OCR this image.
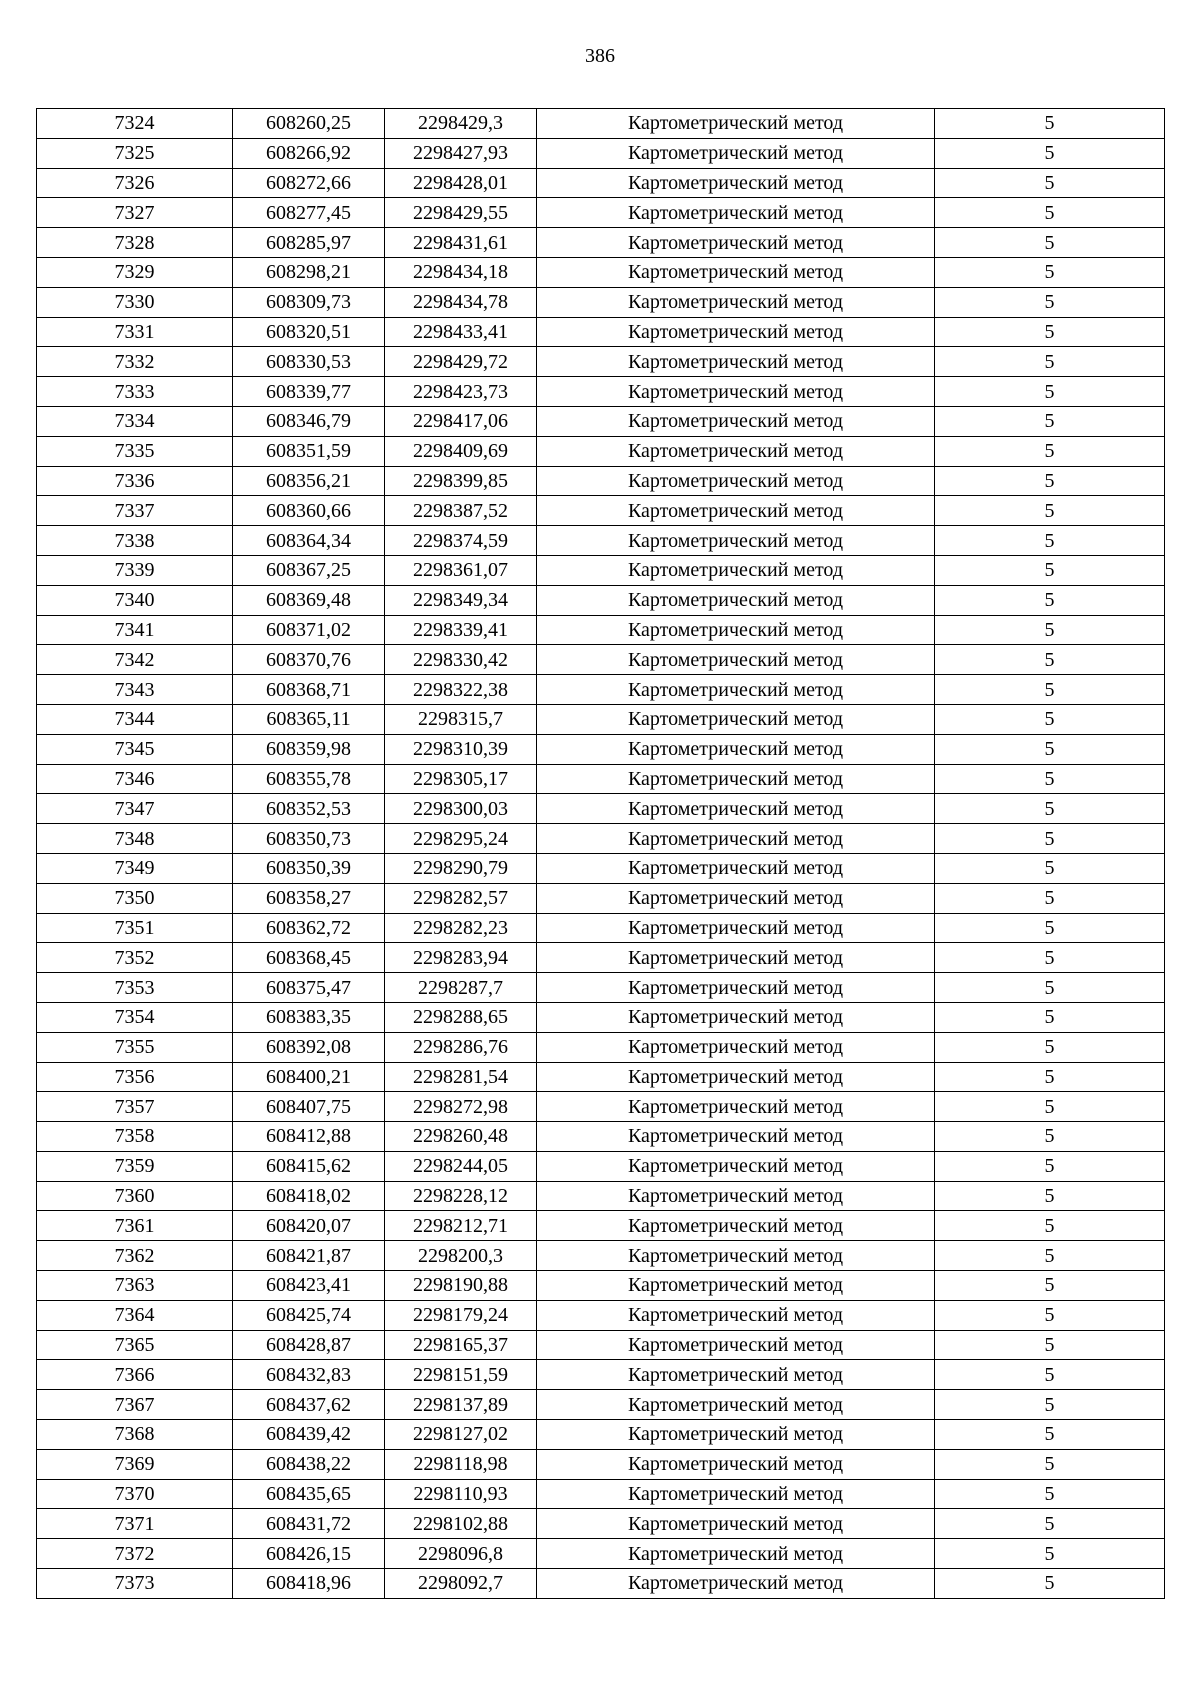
386
7324	608260,25	2298429,3	Картометрический метод	5
7325	608266,92	2298427,93	Картометрический метод	5
7326	608272,66	2298428,01	Картометрический метод	5
7327	608277,45	2298429,55	Картометрический метод	5
7328	608285,97	2298431,61	Картометрический метод	5
7329	608298,21	2298434,18	Картометрический метод	5
7330	608309,73	2298434,78	Картометрический метод	5
7331	608320,51	2298433,41	Картометрический метод	5
7332	608330,53	2298429,72	Картометрический метод	5
7333	608339,77	2298423,73	Картометрический метод	5
7334	608346,79	2298417,06	Картометрический метод	5
7335	608351,59	2298409,69	Картометрический метод	5
7336	608356,21	2298399,85	Картометрический метод	5
7337	608360,66	2298387,52	Картометрический метод	5
7338	608364,34	2298374,59	Картометрический метод	5
7339	608367,25	2298361,07	Картометрический метод	5
7340	608369,48	2298349,34	Картометрический метод	5
7341	608371,02	2298339,41	Картометрический метод	5
7342	608370,76	2298330,42	Картометрический метод	5
7343	608368,71	2298322,38	Картометрический метод	5
7344	608365,11	2298315,7	Картометрический метод	5
7345	608359,98	2298310,39	Картометрический метод	5
7346	608355,78	2298305,17	Картометрический метод	5
7347	608352,53	2298300,03	Картометрический метод	5
7348	608350,73	2298295,24	Картометрический метод	5
7349	608350,39	2298290,79	Картометрический метод	5
7350	608358,27	2298282,57	Картометрический метод	5
7351	608362,72	2298282,23	Картометрический метод	5
7352	608368,45	2298283,94	Картометрический метод	5
7353	608375,47	2298287,7	Картометрический метод	5
7354	608383,35	2298288,65	Картометрический метод	5
7355	608392,08	2298286,76	Картометрический метод	5
7356	608400,21	2298281,54	Картометрический метод	5
7357	608407,75	2298272,98	Картометрический метод	5
7358	608412,88	2298260,48	Картометрический метод	5
7359	608415,62	2298244,05	Картометрический метод	5
7360	608418,02	2298228,12	Картометрический метод	5
7361	608420,07	2298212,71	Картометрический метод	5
7362	608421,87	2298200,3	Картометрический метод	5
7363	608423,41	2298190,88	Картометрический метод	5
7364	608425,74	2298179,24	Картометрический метод	5
7365	608428,87	2298165,37	Картометрический метод	5
7366	608432,83	2298151,59	Картометрический метод	5
7367	608437,62	2298137,89	Картометрический метод	5
7368	608439,42	2298127,02	Картометрический метод	5
7369	608438,22	2298118,98	Картометрический метод	5
7370	608435,65	2298110,93	Картометрический метод	5
7371	608431,72	2298102,88	Картометрический метод	5
7372	608426,15	2298096,8	Картометрический метод	5
7373	608418,96	2298092,7	Картометрический метод	5
